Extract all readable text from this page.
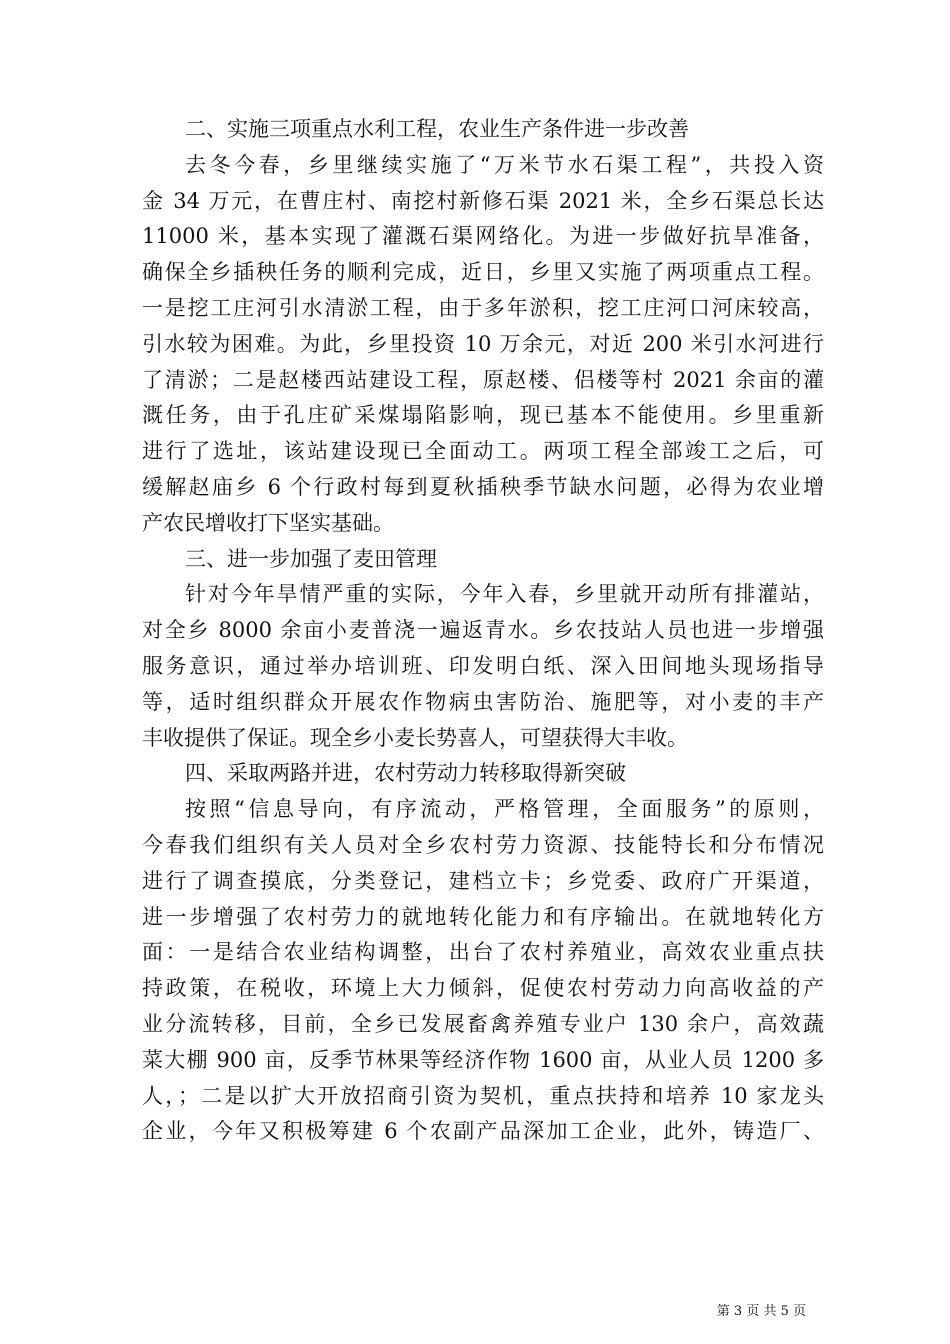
二、实施三项重点水利工程，农业生产条件进一步改善
去冬今春，乡里继续实施了“万米节水石渠工程”，共投入资
金 34 万元，在曹庄村、南挖村新修石渠 2021 米，全乡石渠总长达
11000 米，基本实现了灌溉石渠网络化。为进一步做好抗旱准备，
确保全乡插秧任务的顺利完成，近日，乡里又实施了两项重点工程。
一是挖工庄河引水清淤工程，由于多年淤积，挖工庄河口河床较高，
引水较为困难。为此，乡里投资 10 万余元，对近 200 米引水河进行
了清淤；二是赵楼西站建设工程，原赵楼、侣楼等村 2021 余亩的灌
溉任务，由于孔庄矿采煤塌陷影响，现已基本不能使用。乡里重新
进行了选址，该站建设现已全面动工。两项工程全部竣工之后，可
缓解赵庙乡 6 个行政村每到夏秋插秧季节缺水问题，必得为农业增
产农民增收打下坚实基础。
三、进一步加强了麦田管理
针对今年旱情严重的实际，今年入春，乡里就开动所有排灌站，
对全乡 8000 余亩小麦普浇一遍返青水。乡农技站人员也进一步增强
服务意识，通过举办培训班、印发明白纸、深入田间地头现场指导
等，适时组织群众开展农作物病虫害防治、施肥等，对小麦的丰产
丰收提供了保证。现全乡小麦长势喜人，可望获得大丰收。
四、采取两路并进，农村劳动力转移取得新突破
按照“信息导向，有序流动，严格管理，全面服务”的原则，
今春我们组织有关人员对全乡农村劳力资源、技能特长和分布情况
进行了调查摸底，分类登记，建档立卡；乡党委、政府广开渠道，
进一步增强了农村劳力的就地转化能力和有序输出。在就地转化方
面：一是结合农业结构调整，出台了农村养殖业，高效农业重点扶
持政策，在税收，环境上大力倾斜，促使农村劳动力向高收益的产
业分流转移，目前，全乡已发展畜禽养殖专业户 130 余户，高效蔬
菜大棚 900 亩，反季节林果等经济作物 1600 亩，从业人员 1200 多
人，；二是以扩大开放招商引资为契机，重点扶持和培养 10 家龙头
企业，今年又积极筹建 6 个农副产品深加工企业，此外，铸造厂、
第 3 页 共 5 页
